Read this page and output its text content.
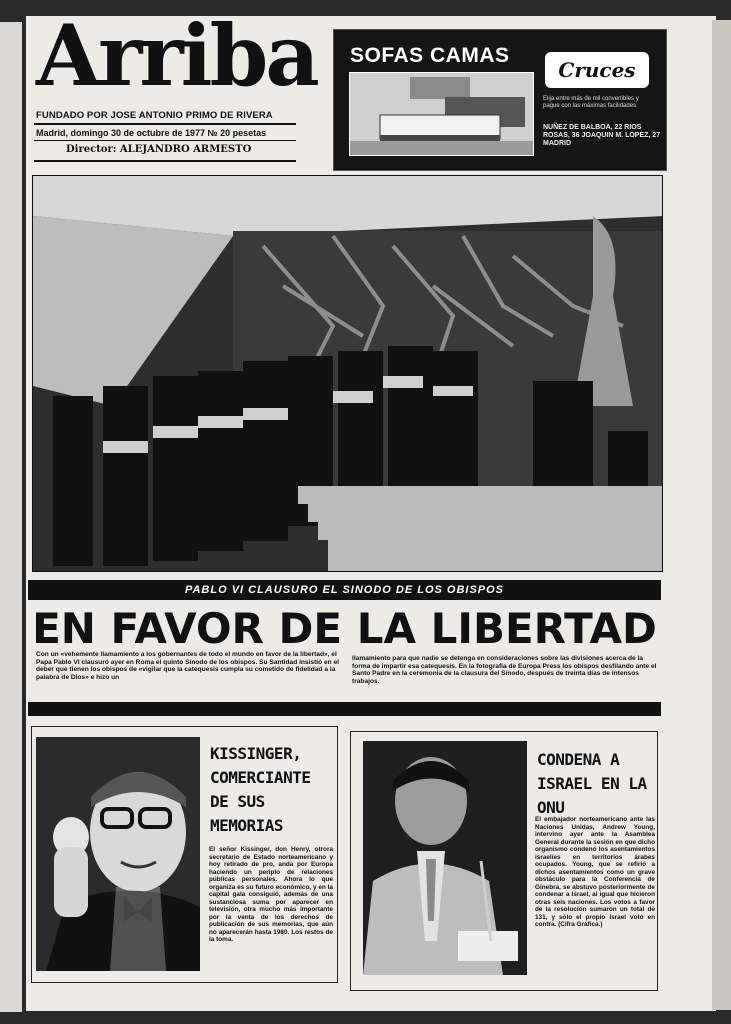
Arriba
FUNDADO POR JOSE ANTONIO PRIMO DE RIVERA
Madrid, domingo 30 de octubre de 1977 № 20 pesetas
Director: ALEJANDRO ARMESTO
SOFAS CAMAS
Cruces
Elija entre más de mil convertibles y pague con las máximas facilidades.
NUÑEZ DE BALBOA, 22 RIOS ROSAS, 36 JOAQUIN M. LOPEZ, 27 MADRID
PABLO VI CLAUSURO EL SINODO DE LOS OBISPOS
EN FAVOR DE LA LIBERTAD
Con un «vehemente llamamiento a los gobernantes de todo el mundo en favor de la libertad», el Papa Pablo VI clausuró ayer en Roma el quinto Sínodo de los obispos. Su Santidad insistió en el deber que tienen los obispos de «vigilar que la catequesis cumpla su cometido de fidelidad a la palabra de Dios» e hizo un
llamamiento para que nadie se detenga en consideraciones sobre las divisiones acerca de la forma de impartir esa catequesis. En la fotografía de Europa Press los obispos desfilando ante el Santo Padre en la ceremonia de la clausura del Sínodo, después de treinta días de intensos trabajos.
KISSINGER, COMERCIANTE DE SUS MEMORIAS
El señor Kissinger, don Henry, otrora secretario de Estado norteamericano y hoy retirado de pro, anda por Europa haciendo un periplo de relaciones públicas personales. Ahora lo que organiza es su futuro económico, y en la capital gala consiguió, además de una sustanciosa suma por aparecer en televisión, otra mucho más importante por la venta de los derechos de publicación de sus memorias, que aún no aparecerán hasta 1980. Los restos de la toma.
CONDENA A ISRAEL EN LA ONU
El embajador norteamericano ante las Naciones Unidas, Andrew Young, intervino ayer ante la Asamblea General durante la sesión en que dicho organismo condenó los asentamientos israelíes en territorios árabes ocupados. Young, que se refirió a dichos asentamientos como un grave obstáculo para la Conferencia de Ginebra, se abstuvo posteriormente de condenar a Israel, al igual que hicieron otras seis naciones. Los votos a favor de la resolución sumaron un total de 131, y sólo el propio Israel votó en contra. (Cifra Gráfica.)
